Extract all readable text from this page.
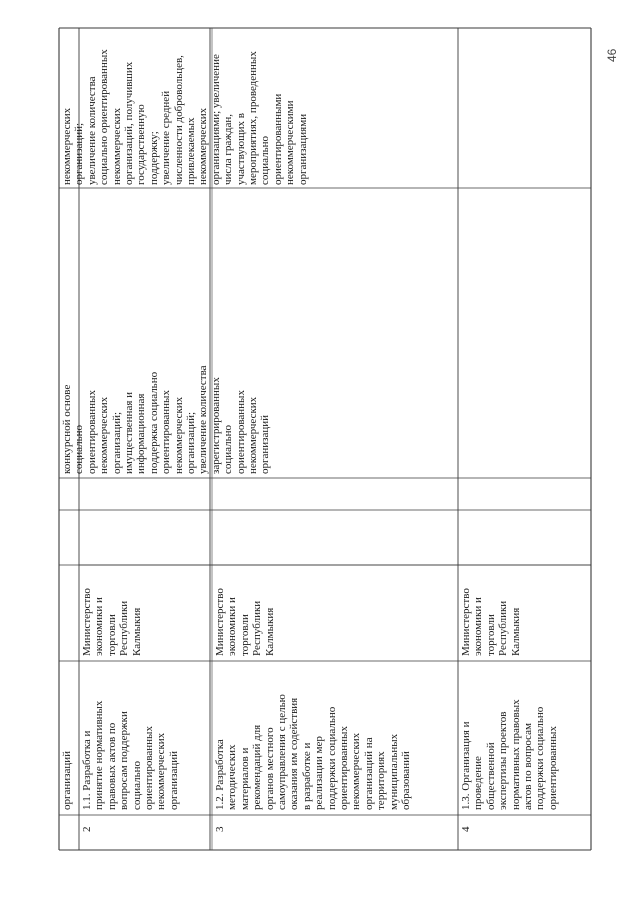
46
организаций
конкурсной основе социально ориентированных некоммерческих организаций; имущественная и информационная поддержка социально ориентированных некоммерческих организаций; увеличение количества зарегистрированных социально ориентированных некоммерческих организаций
некоммерческих организаций; увеличение количества социально ориентированных некоммерческих организаций, получивших государственную поддержку; увеличение средней численности добровольцев, привлекаемых некоммерческих организациями; увеличение числа граждан, участвующих в мероприятиях, проведенных социально ориентированными некоммерческими организациями
2
1.1. Разработка и принятие нормативных правовых актов по вопросам поддержки социально ориентированных некоммерческих организаций
Министерство экономики и торговли Республики Калмыкия
3
1.2. Разработка методических материалов и рекомендаций для органов местного самоуправления с целью оказания им содействия в разработке и реализации мер поддержки социально ориентированных некоммерческих организаций на территориях муниципальных образований
Министерство экономики и торговли Республики Калмыкия
4
1.3. Организация и проведение общественной экспертизы проектов нормативных правовых актов по вопросам поддержки социально ориентированных
Министерство экономики и торговли Республики Калмыкия
